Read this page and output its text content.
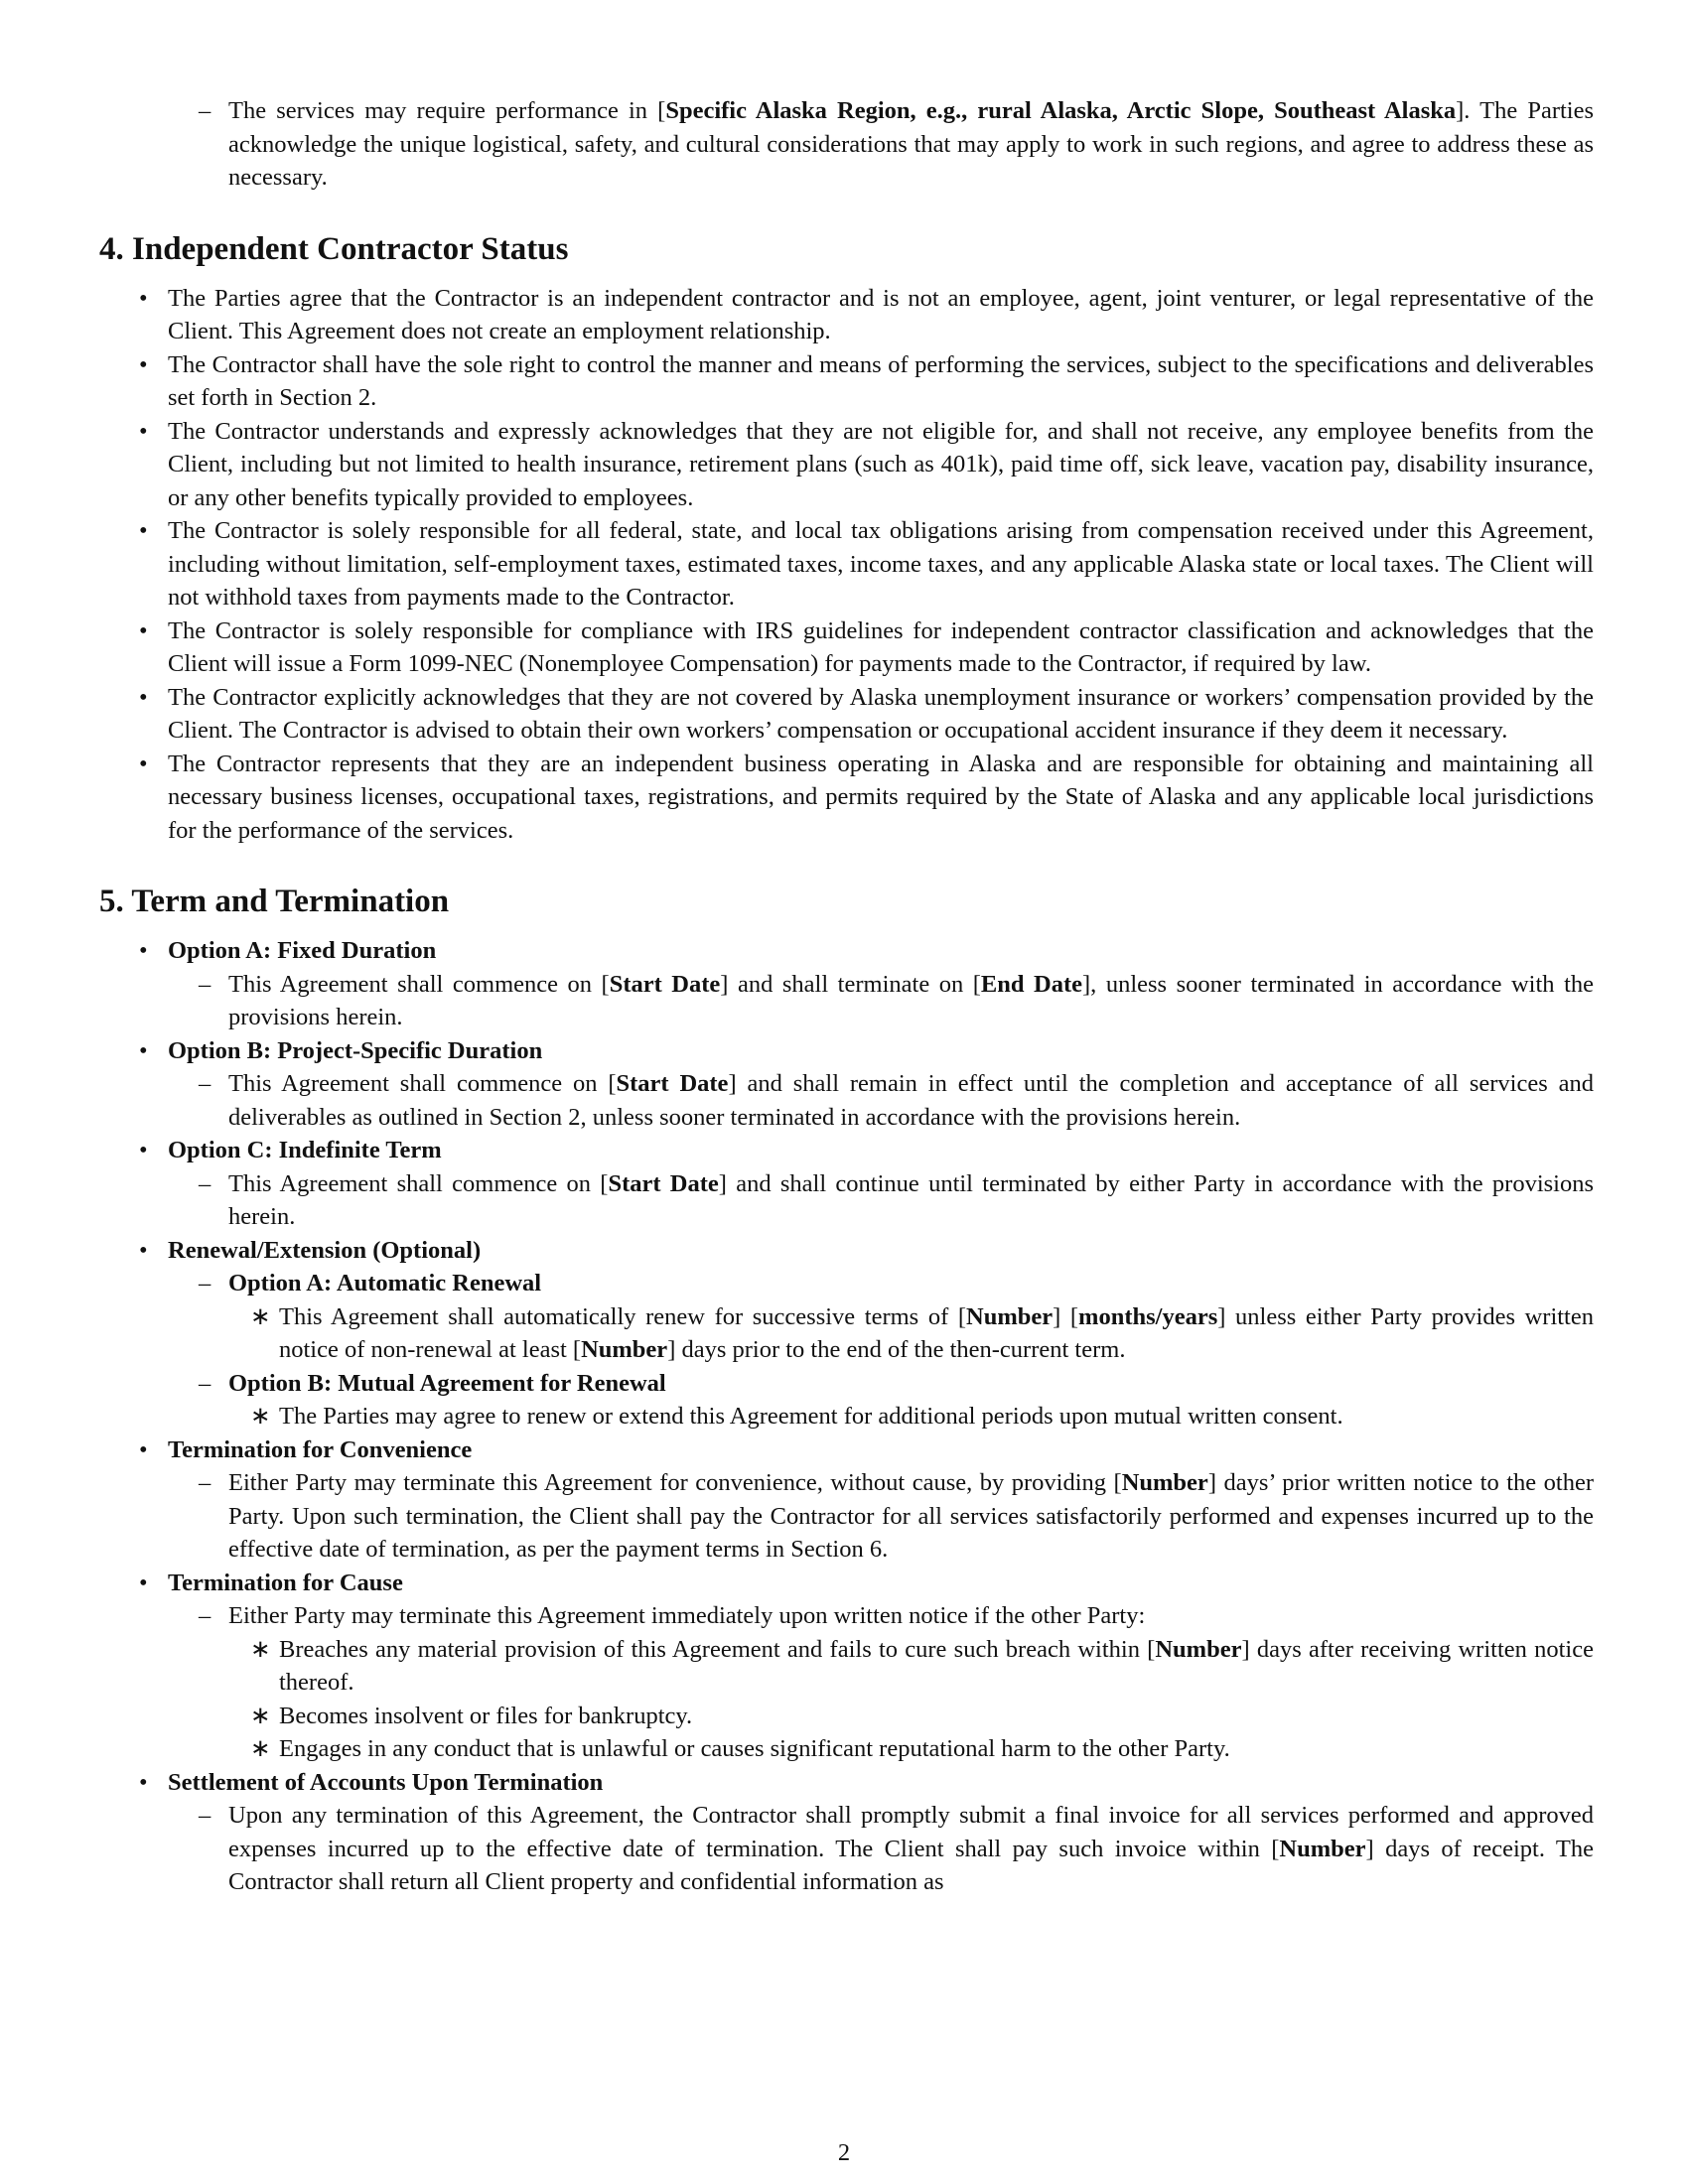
– The services may require performance in [Specific Alaska Region, e.g., rural Alaska, Arctic Slope, Southeast Alaska]. The Parties acknowledge the unique logistical, safety, and cultural considerations that may apply to work in such regions, and agree to address these as necessary.
4. Independent Contractor Status
• The Parties agree that the Contractor is an independent contractor and is not an employee, agent, joint venturer, or legal representative of the Client. This Agreement does not create an employment relationship.
• The Contractor shall have the sole right to control the manner and means of performing the services, subject to the specifications and deliverables set forth in Section 2.
• The Contractor understands and expressly acknowledges that they are not eligible for, and shall not receive, any employee benefits from the Client, including but not limited to health insurance, retirement plans (such as 401k), paid time off, sick leave, vacation pay, disability insurance, or any other benefits typically provided to employees.
• The Contractor is solely responsible for all federal, state, and local tax obligations arising from compensation received under this Agreement, including without limitation, self-employment taxes, estimated taxes, income taxes, and any applicable Alaska state or local taxes. The Client will not withhold taxes from payments made to the Contractor.
• The Contractor is solely responsible for compliance with IRS guidelines for independent contractor classification and acknowledges that the Client will issue a Form 1099-NEC (Nonemployee Compensation) for payments made to the Contractor, if required by law.
• The Contractor explicitly acknowledges that they are not covered by Alaska unemployment insurance or workers’ compensation provided by the Client. The Contractor is advised to obtain their own workers’ compensation or occupational accident insurance if they deem it necessary.
• The Contractor represents that they are an independent business operating in Alaska and are responsible for obtaining and maintaining all necessary business licenses, occupational taxes, registrations, and permits required by the State of Alaska and any applicable local jurisdictions for the performance of the services.
5. Term and Termination
• Option A: Fixed Duration
– This Agreement shall commence on [Start Date] and shall terminate on [End Date], unless sooner terminated in accordance with the provisions herein.
• Option B: Project-Specific Duration
– This Agreement shall commence on [Start Date] and shall remain in effect until the completion and acceptance of all services and deliverables as outlined in Section 2, unless sooner terminated in accordance with the provisions herein.
• Option C: Indefinite Term
– This Agreement shall commence on [Start Date] and shall continue until terminated by either Party in accordance with the provisions herein.
• Renewal/Extension (Optional)
– Option A: Automatic Renewal
∗ This Agreement shall automatically renew for successive terms of [Number] [months/years] unless either Party provides written notice of non-renewal at least [Number] days prior to the end of the then-current term.
– Option B: Mutual Agreement for Renewal
∗ The Parties may agree to renew or extend this Agreement for additional periods upon mutual written consent.
• Termination for Convenience
– Either Party may terminate this Agreement for convenience, without cause, by providing [Number] days’ prior written notice to the other Party. Upon such termination, the Client shall pay the Contractor for all services satisfactorily performed and expenses incurred up to the effective date of termination, as per the payment terms in Section 6.
• Termination for Cause
– Either Party may terminate this Agreement immediately upon written notice if the other Party:
∗ Breaches any material provision of this Agreement and fails to cure such breach within [Number] days after receiving written notice thereof.
∗ Becomes insolvent or files for bankruptcy.
∗ Engages in any conduct that is unlawful or causes significant reputational harm to the other Party.
• Settlement of Accounts Upon Termination
– Upon any termination of this Agreement, the Contractor shall promptly submit a final invoice for all services performed and approved expenses incurred up to the effective date of termination. The Client shall pay such invoice within [Number] days of receipt. The Contractor shall return all Client property and confidential information as
2
